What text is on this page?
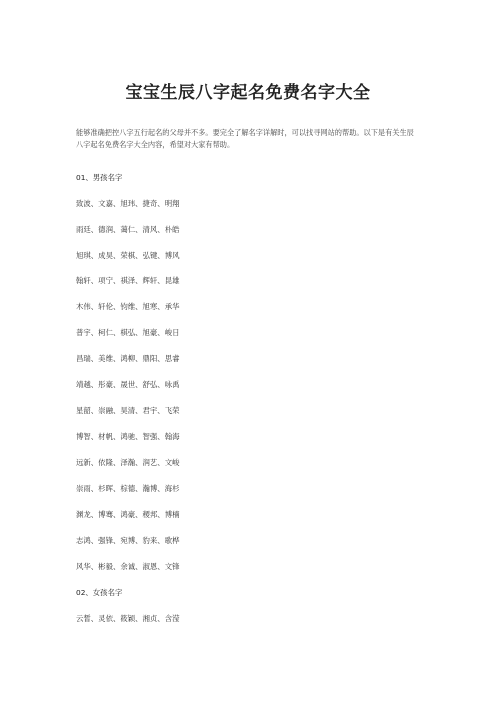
宝宝生辰八字起名免费名字大全

能够准确把控八字五行起名的父母并不多。要完全了解名字详解时，可以找寻网站的帮助。以下是有关生辰八字起名免费名字大全内容，希望对大家有帮助。

01、男孩名字

致波、文嘉、旭玮、捷奇、明翔

雨廷、德润、蔼仁、清风、朴皓

旭琪、成昊、荣棋、弘键、博风

翰轩、项宁、祺泽、辉轩、昆雄

木伟、轩伦、钧维、旭寒、承华

普宇、柯仁、棋弘、旭豪、峻日

昌瑞、美维、鸿柳、鼎阳、思睿

靖越、彤豪、晟世、舒弘、咏禹

星韶、崇融、昊清、君宇、飞荣

博智、材帆、鸿驰、智强、翰海

远新、依隆、泽瀚、润艺、文峻

崇雨、杉晖、棕德、瀚博、海杉

渊龙、博骞、鸿豪、稷邦、博楠

志鸿、强锋、宛博、豹来、歌桦

风华、彬毅、余诚、淑恩、文锋

02、女孩名字

云皙、灵依、筱颖、湘贞、含滢
